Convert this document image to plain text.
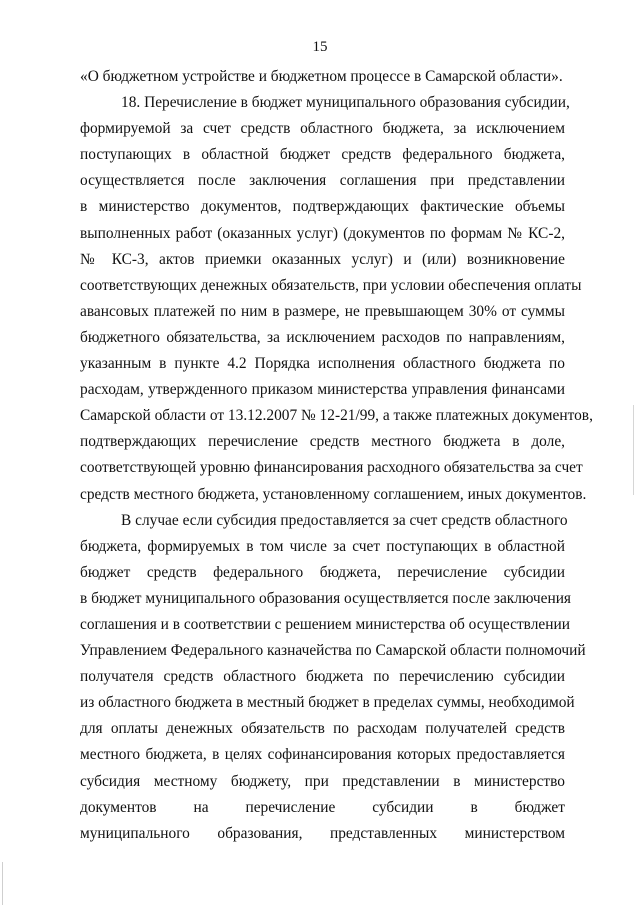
15
«О бюджетном устройстве и бюджетном процессе в Самарской области».
18. Перечисление в бюджет муниципального образования субсидии,
формируемой за счет средств областного бюджета, за исключением
поступающих в областной бюджет средств федерального бюджета,
осуществляется после заключения соглашения при представлении
в министерство документов, подтверждающих фактические объемы
выполненных работ (оказанных услуг) (документов по формам № КС-2,
№ КС-3, актов приемки оказанных услуг) и (или) возникновение
соответствующих денежных обязательств, при условии обеспечения оплаты
авансовых платежей по ним в размере, не превышающем 30% от суммы
бюджетного обязательства, за исключением расходов по направлениям,
указанным в пункте 4.2 Порядка исполнения областного бюджета по
расходам, утвержденного приказом министерства управления финансами
Самарской области от 13.12.2007 № 12-21/99, а также платежных документов,
подтверждающих перечисление средств местного бюджета в доле,
соответствующей уровню финансирования расходного обязательства за счет
средств местного бюджета, установленному соглашением, иных документов.
В случае если субсидия предоставляется за счет средств областного
бюджета, формируемых в том числе за счет поступающих в областной
бюджет средств федерального бюджета, перечисление субсидии
в бюджет муниципального образования осуществляется после заключения
соглашения и в соответствии с решением министерства об осуществлении
Управлением Федерального казначейства по Самарской области полномочий
получателя средств областного бюджета по перечислению субсидии
из областного бюджета в местный бюджет в пределах суммы, необходимой
для оплаты денежных обязательств по расходам получателей средств
местного бюджета, в целях софинансирования которых предоставляется
субсидия местному бюджету, при представлении в министерство
документов на перечисление субсидии в бюджет
муниципального образования, представленных министерством
